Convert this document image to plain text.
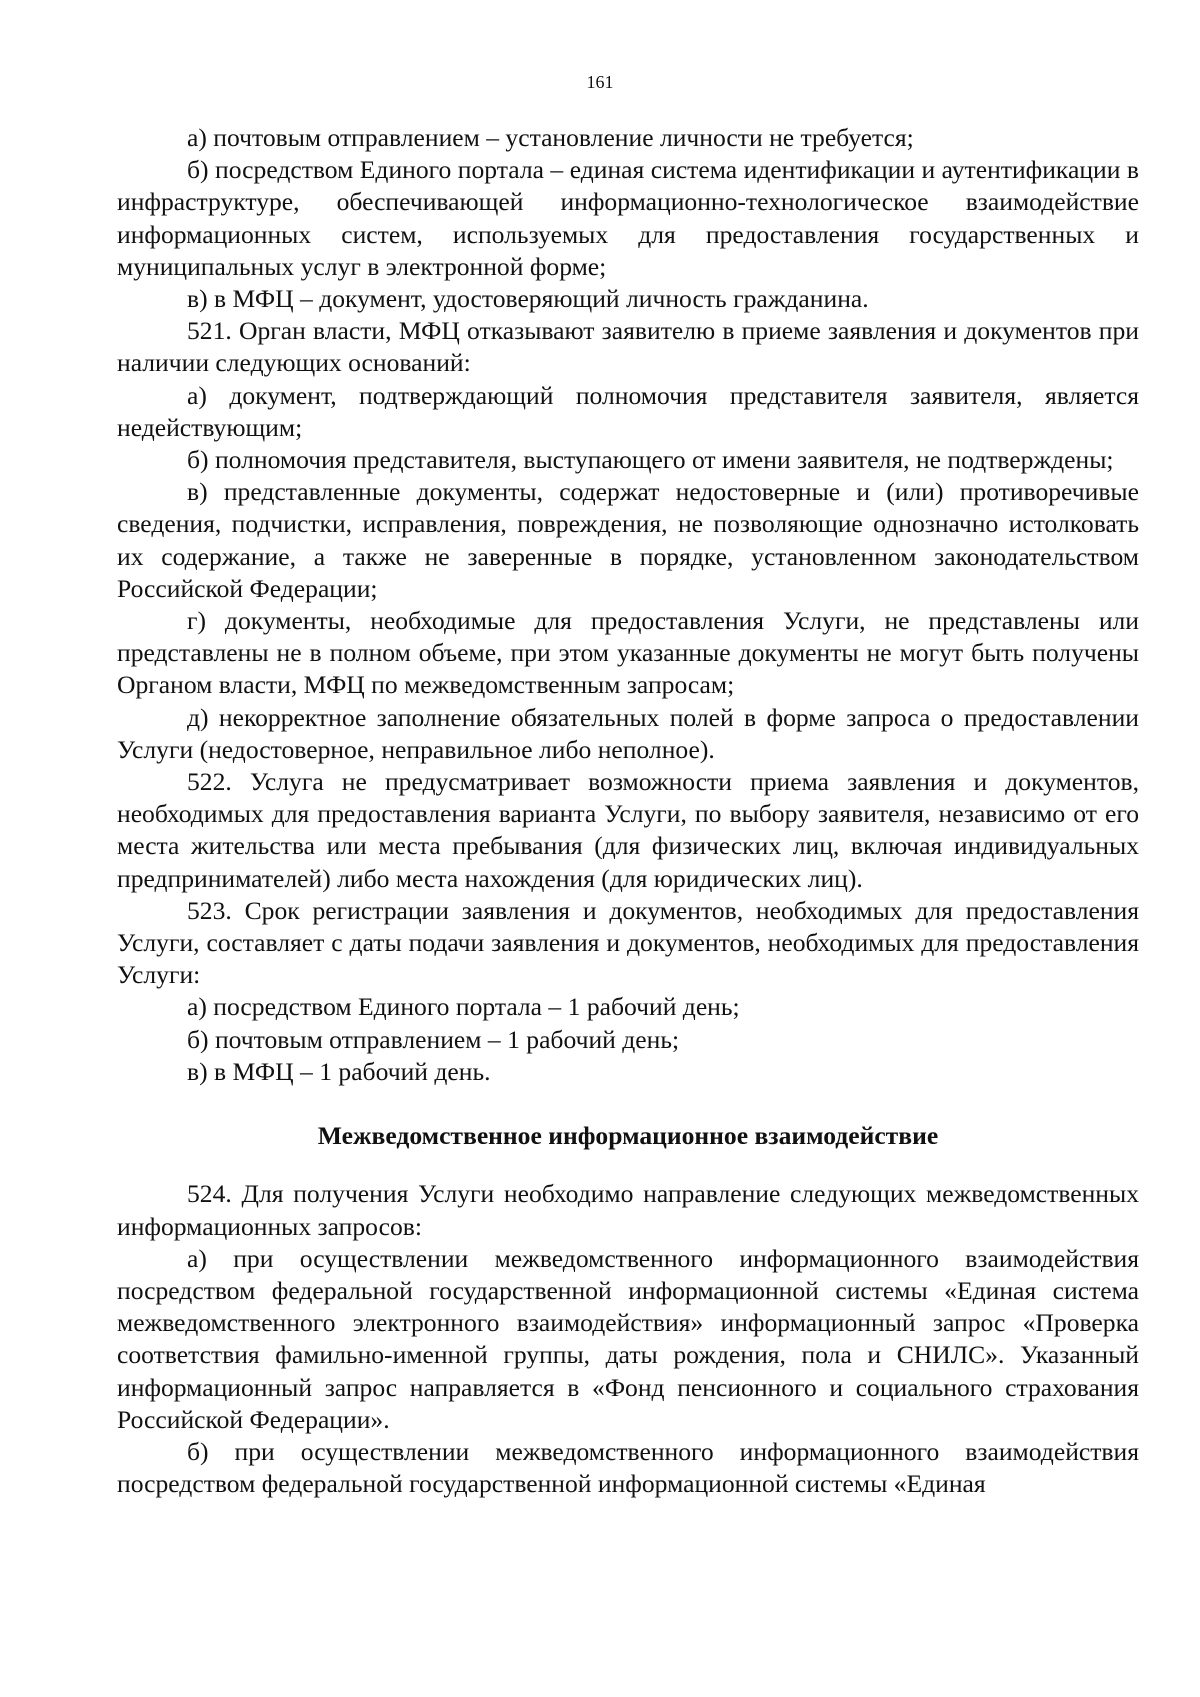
161

а) почтовым отправлением – установление личности не требуется;

б) посредством Единого портала – единая система идентификации и аутентификации в инфраструктуре, обеспечивающей информационно-технологическое взаимодействие информационных систем, используемых для предоставления государственных и муниципальных услуг в электронной форме;

в) в МФЦ – документ, удостоверяющий личность гражданина.

521. Орган власти, МФЦ отказывают заявителю в приеме заявления и документов при наличии следующих оснований:

а) документ, подтверждающий полномочия представителя заявителя, является недействующим;

б) полномочия представителя, выступающего от имени заявителя, не подтверждены;

в) представленные документы, содержат недостоверные и (или) противоречивые сведения, подчистки, исправления, повреждения, не позволяющие однозначно истолковать их содержание, а также не заверенные в порядке, установленном законодательством Российской Федерации;

г) документы, необходимые для предоставления Услуги, не представлены или представлены не в полном объеме, при этом указанные документы не могут быть получены Органом власти, МФЦ по межведомственным запросам;

д) некорректное заполнение обязательных полей в форме запроса о предоставлении Услуги (недостоверное, неправильное либо неполное).

522. Услуга не предусматривает возможности приема заявления и документов, необходимых для предоставления варианта Услуги, по выбору заявителя, независимо от его места жительства или места пребывания (для физических лиц, включая индивидуальных предпринимателей) либо места нахождения (для юридических лиц).

523. Срок регистрации заявления и документов, необходимых для предоставления Услуги, составляет с даты подачи заявления и документов, необходимых для предоставления Услуги:

а) посредством Единого портала – 1 рабочий день;

б) почтовым отправлением – 1 рабочий день;

в) в МФЦ – 1 рабочий день.

Межведомственное информационное взаимодействие

524. Для получения Услуги необходимо направление следующих межведомственных информационных запросов:

а) при осуществлении межведомственного информационного взаимодействия посредством федеральной государственной информационной системы «Единая система межведомственного электронного взаимодействия» информационный запрос «Проверка соответствия фамильно-именной группы, даты рождения, пола и СНИЛС». Указанный информационный запрос направляется в «Фонд пенсионного и социального страхования Российской Федерации».

б) при осуществлении межведомственного информационного взаимодействия посредством федеральной государственной информационной системы «Единая
